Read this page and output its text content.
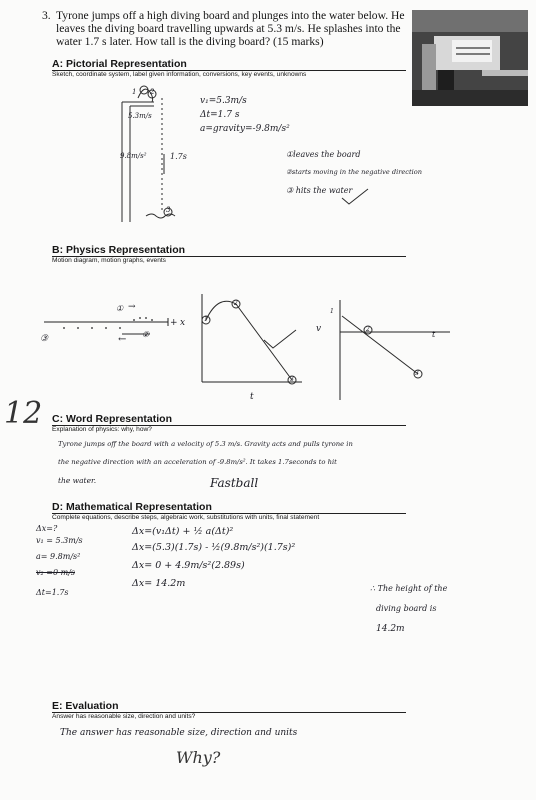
3. Tyrone jumps off a high diving board and plunges into the water below. He
leaves the diving board travelling upwards at 5.3 m/s. He splashes into the
water 1.7 s later. How tall is the diving board? (15 marks)
A: Pictorial Representation
Sketch, coordinate system, label given information, conversions, key events, unknowns
5.3m/s
9.8m/s²	1.7s
1 2
3
v₁=5.3m/s
Δt=1.7 s
a=gravity=-9.8m/s²
①leaves the board
②starts moving in the negative direction
③ hits the water
B: Physics Representation
Motion diagram, motion graphs, events
12
① →
②
←
③
+ x	1
2
3
t
v
1
2
3
t
C: Word Representation
Explanation of physics: why, how?
Tyrone jumps off the board with a velocity of 5.3 m/s. Gravity acts and pulls tyrone in
the negative direction with an acceleration of -9.8m/s². It takes 1.7seconds to hit
the water.	Fastball
D: Mathematical Representation
Complete equations, describe steps, algebraic work, substitutions with units, final statement
Δx=?
v₁ = 5.3m/s
a= 9.8m/s²
v₂ =0 m/s
Δt=1.7s
Δx=(v₁Δt) + ½ a(Δt)²
Δx=(5.3)(1.7s) - ½(9.8m/s²)(1.7s)²
Δx= 0 + 4.9m/s²(2.89s)
Δx= 14.2m	∴ The height of the
diving board is
14.2m
E: Evaluation
Answer has reasonable size, direction and units?
The answer has reasonable size, direction and units
Why?
